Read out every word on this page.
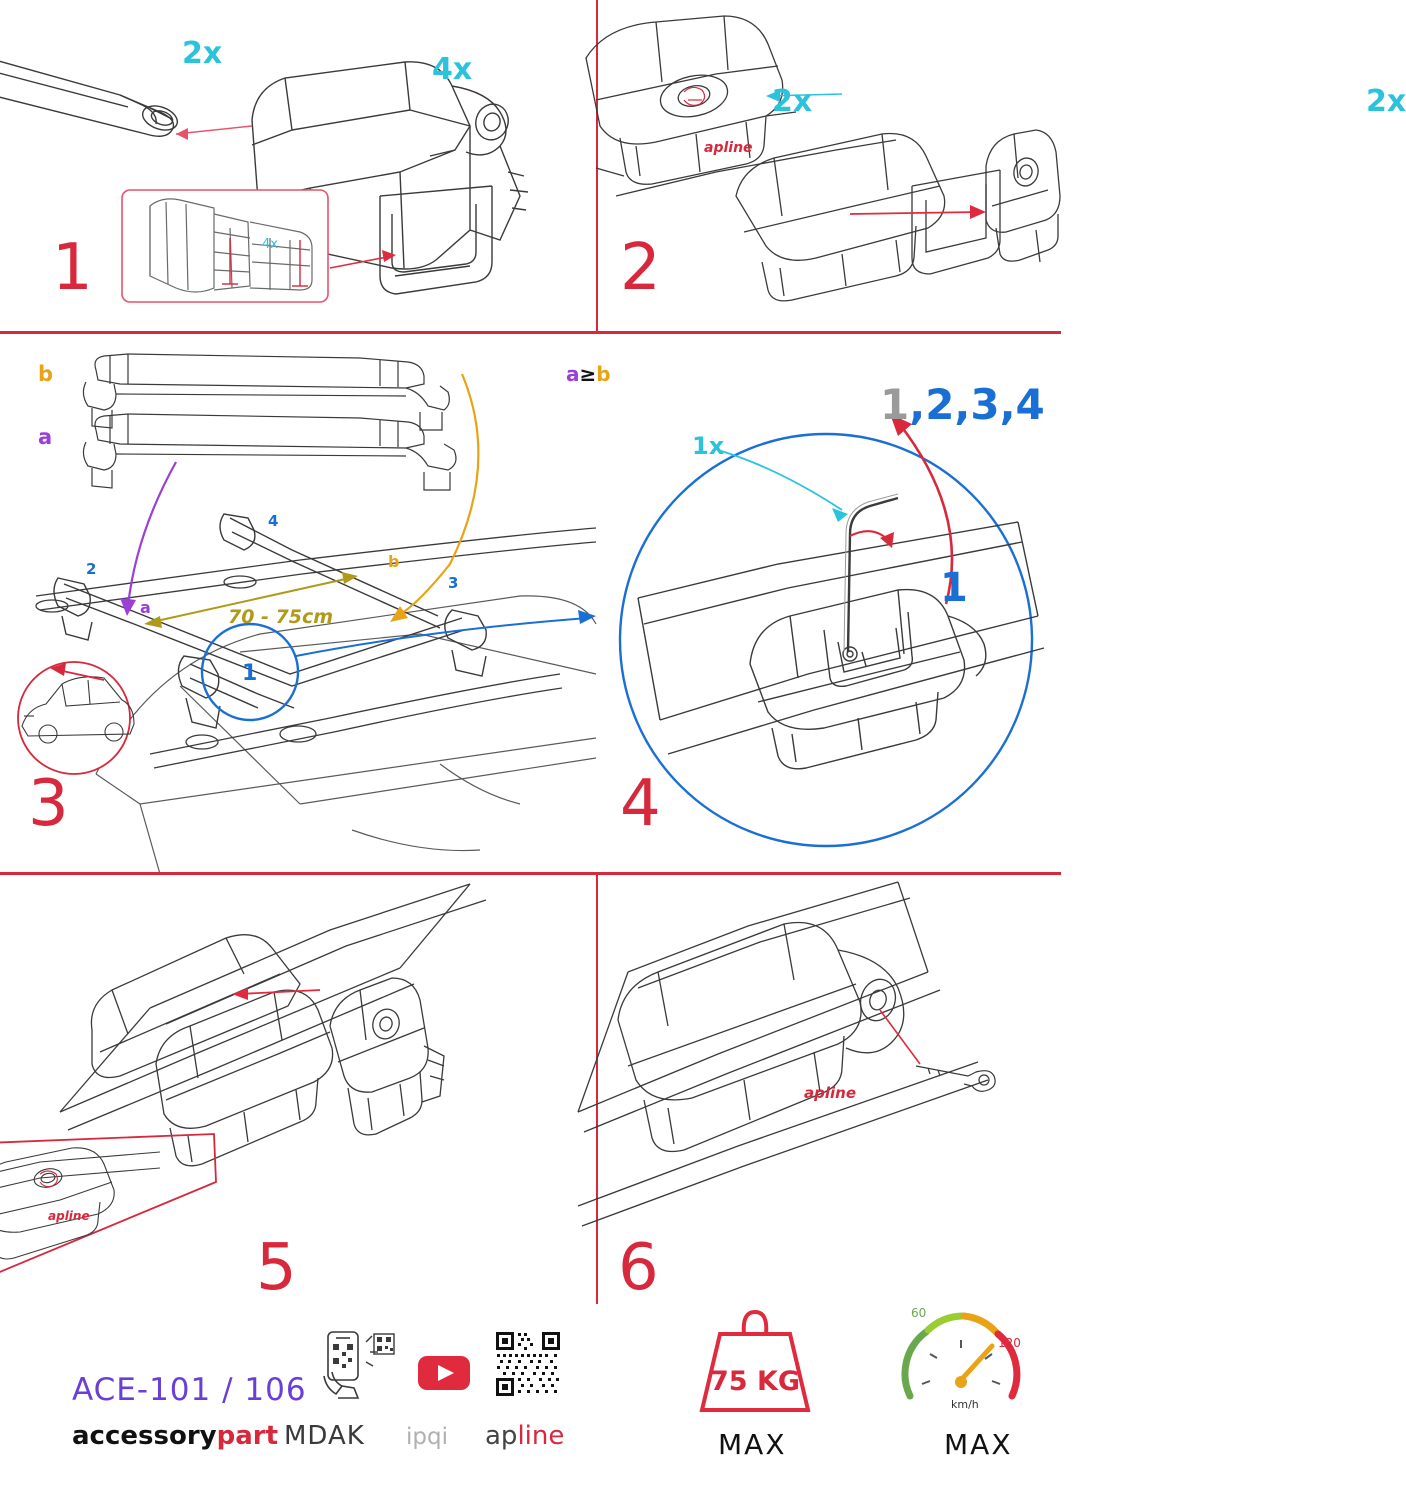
4x
2x	4x
1
apline
2x
2x
2
1
b
a
a
b
2
3
4
70 - 75cm
3
a≥b
1x
1,2,3,4
1
4
apline
5
apline
6
ACE-101 / 106
accessorypart MDAK ipqi apline
75 KG
MAX
60
120
km/h
MAX
